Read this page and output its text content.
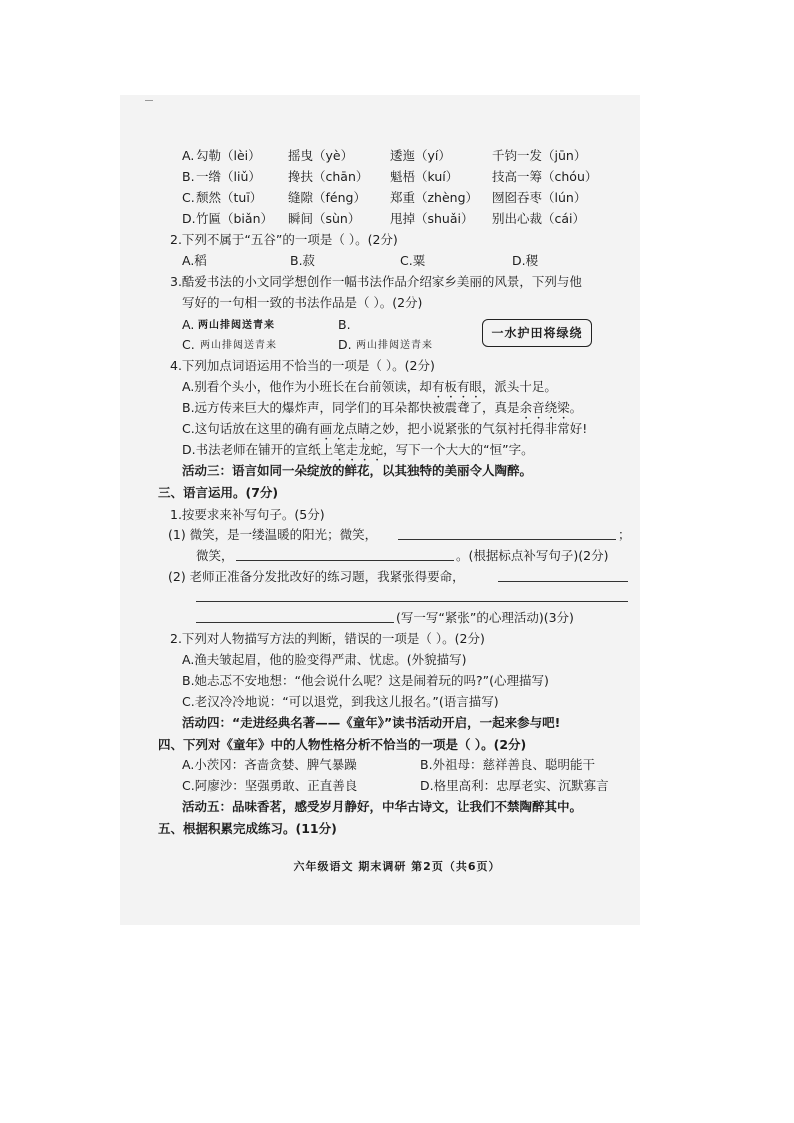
A. 勾勒（lèi） 摇曳（yè）	逶迤（yí）	千钧一发（jūn）
B. 一绺（liǔ） 搀扶（chān） 魁梧（kuí）	技高一筹（chóu）
C. 颓然（tuī） 缝隙（féng） 郑重（zhèng） 囫囵吞枣（lún）
D. 竹匾（biǎn） 瞬间（sùn） 甩掉（shuǎi） 别出心裁（cái）
2.下列不属于“五谷”的一项是（ ）。(2分)
A.稻	B.菽	C.粟	D.稷
3.酷爱书法的小文同学想创作一幅书法作品介绍家乡美丽的风景，下列与他
写好的一句相一致的书法作品是（ ）。(2分)
A. 两山排闼送青来	B.
一水护田将绿绕
C. 两山排闼送青来	D. 两山排闼送青来
4.下列加点词语运用不恰当的一项是（ ）。(2分)
A.别看个头小，他作为小班长在台前领读，却有板有眼，派头十足。
B.远方传来巨大的爆炸声，同学们的耳朵都快被震聋了，真是余音绕梁。
C.这句话放在这里的确有画龙点睛之妙，把小说紧张的气氛衬托得非常好!
D.书法老师在铺开的宣纸上笔走龙蛇，写下一个大大的“恒”字。
活动三：语言如同一朵绽放的鲜花，以其独特的美丽令人陶醉。
三、语言运用。(7分)
1.按要求来补写句子。(5分)
(1) 微笑，是一缕温暖的阳光；微笑，	；
微笑，	。(根据标点补写句子)(2分)
(2) 老师正准备分发批改好的练习题，我紧张得要命，
(写一写“紧张”的心理活动)(3分)
2.下列对人物描写方法的判断，错误的一项是（ ）。(2分)
A.渔夫皱起眉，他的脸变得严肃、忧虑。(外貌描写)
B.她忐忑不安地想：“他会说什么呢？这是闹着玩的吗?”(心理描写)
C.老汉冷冷地说：“可以退党，到我这儿报名。”(语言描写)
活动四：“走进经典名著——《童年》”读书活动开启，一起来参与吧!
四、下列对《童年》中的人物性格分析不恰当的一项是（ ）。(2分)
A.小茨冈：吝啬贪婪、脾气暴躁	B.外祖母：慈祥善良、聪明能干
C.阿廖沙：坚强勇敢、正直善良	D.格里高利：忠厚老实、沉默寡言
活动五：品味香茗，感受岁月静好，中华古诗文，让我们不禁陶醉其中。
五、根据积累完成练习。(11分)
六年级语文 期末调研 第2页（共6页）
